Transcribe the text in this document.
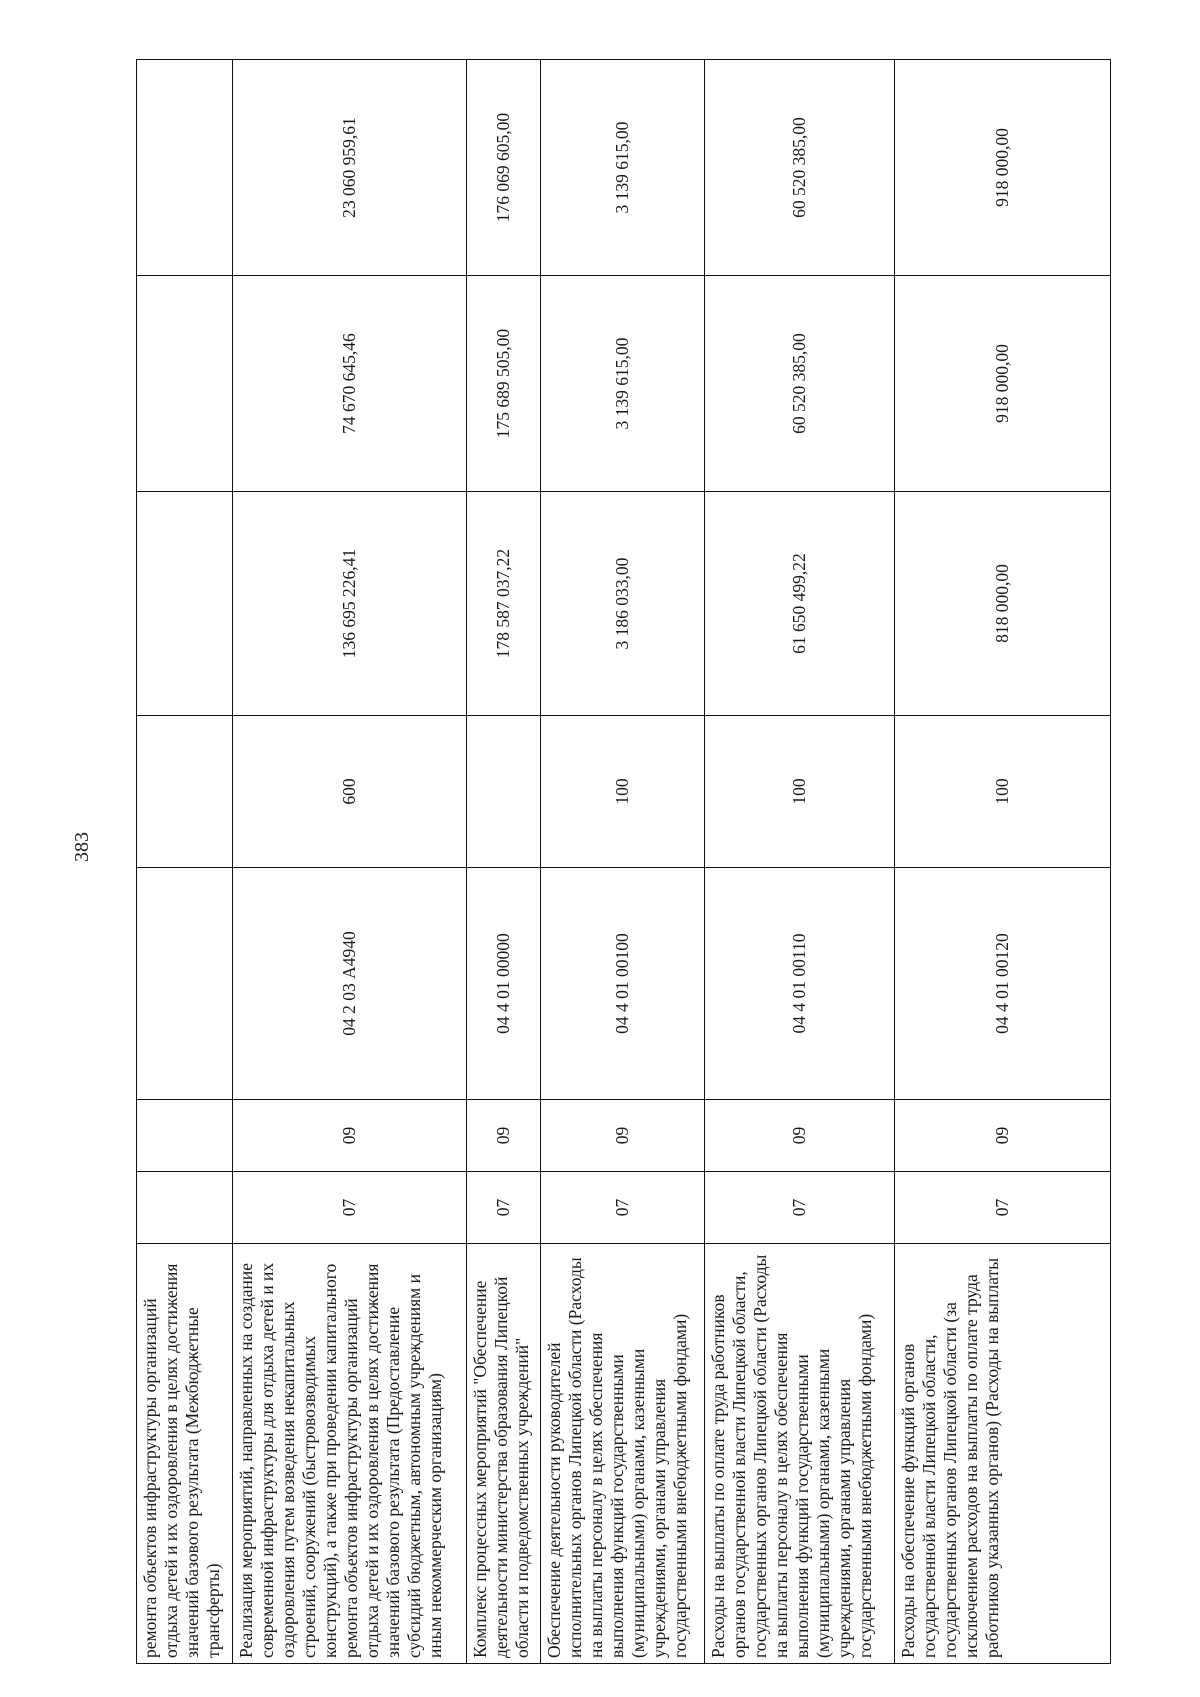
383
ремонта объектов инфраструктуры организаций отдыха детей и их оздоровления в целях достижения значений базового результата (Межбюджетные трансферты)							
Реализация мероприятий, направленных на создание современной инфраструктуры для отдыха детей и их оздоровления путем возведения некапитальных строений, сооружений (быстровозводимых конструкций), а также при проведении капитального ремонта объектов инфраструктуры организаций отдыха детей и их оздоровления в целях достижения значений базового результата (Предоставление субсидий бюджетным, автономным учреждениям и иным некоммерческим организациям)	07	09	04 2 03 А4940	600	136 695 226,41	74 670 645,46	23 060 959,61
Комплекс процессных мероприятий "Обеспечение деятельности министерства образования Липецкой области и подведомственных учреждений"	07	09	04 4 01 00000		178 587 037,22	175 689 505,00	176 069 605,00
Обеспечение деятельности руководителей исполнительных органов Липецкой области (Расходы на выплаты персоналу в целях обеспечения выполнения функций государственными (муниципальными) органами, казенными учреждениями, органами управления государственными внебюджетными фондами)	07	09	04 4 01 00100	100	3 186 033,00	3 139 615,00	3 139 615,00
Расходы на выплаты по оплате труда работников органов государственной власти Липецкой области, государственных органов Липецкой области (Расходы на выплаты персоналу в целях обеспечения выполнения функций государственными (муниципальными) органами, казенными учреждениями, органами управления государственными внебюджетными фондами)	07	09	04 4 01 00110	100	61 650 499,22	60 520 385,00	60 520 385,00
Расходы на обеспечение функций органов государственной власти Липецкой области, государственных органов Липецкой области (за исключением расходов на выплаты по оплате труда работников указанных органов) (Расходы на выплаты	07	09	04 4 01 00120	100	818 000,00	918 000,00	918 000,00
